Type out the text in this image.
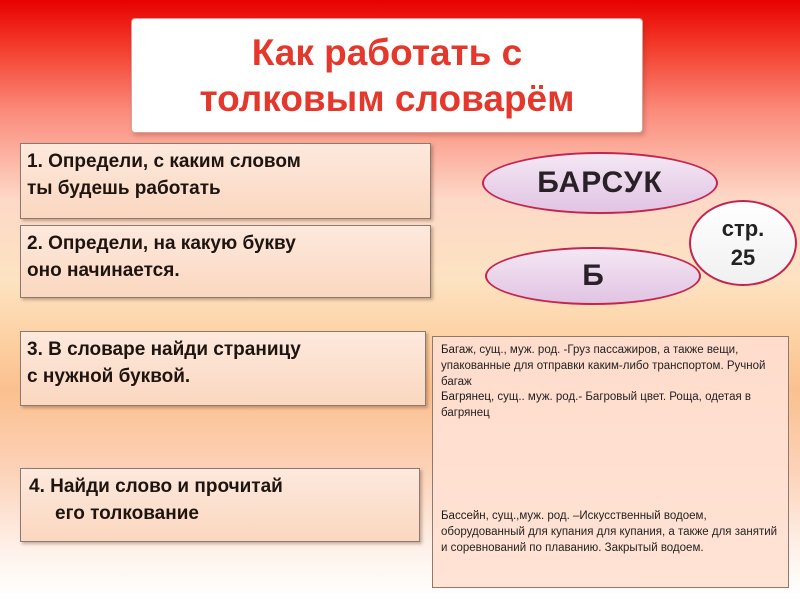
Как работать с
толковым словарём
1. Определи, с каким словом
ты будешь работать
2. Определи, на какую букву
оно начинается.
3. В словаре найди страницу
с нужной буквой.
4. Найди слово и прочитай
его толкование
БАРСУК
стр.
25
Б

Багаж, сущ., муж. род. -Груз пассажиров, а также вещи, упакованные для отправки каким-либо транспортом. Ручной багаж

Багрянец, сущ.. муж. род.- Багровый цвет. Роща, одетая в багрянец

Бассейн, сущ.,муж. род. –Искусственный водоем, оборудованный для купания для купания, а также для занятий и соревнований по плаванию. Закрытый водоем.
